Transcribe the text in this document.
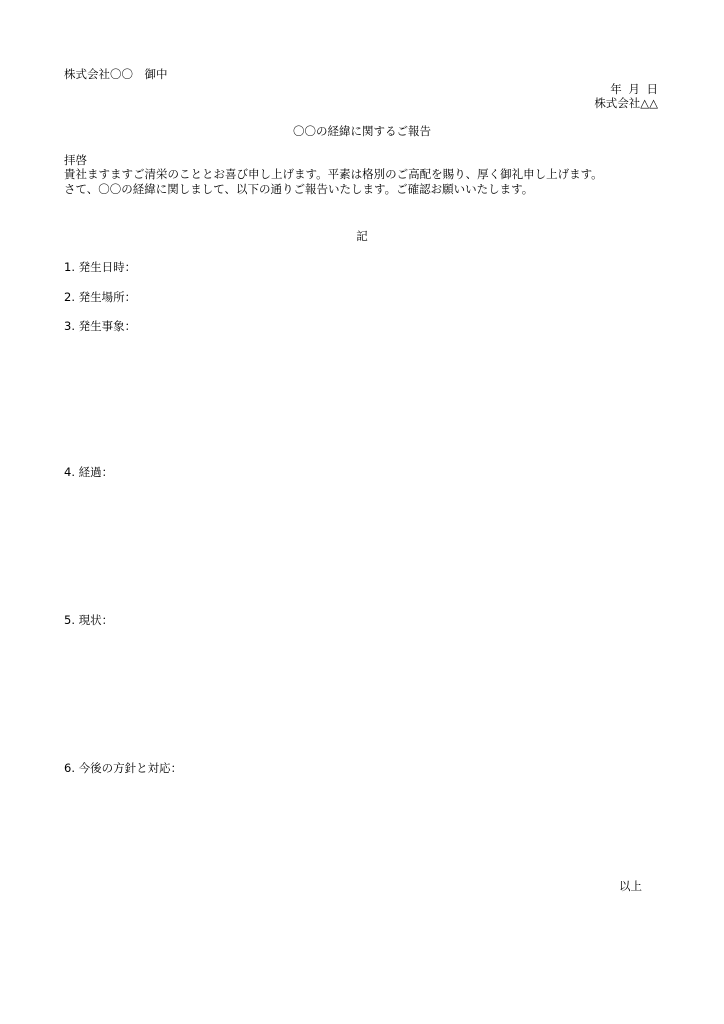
株式会社〇〇　御中
年 月 日
株式会社△△
〇〇の経緯に関するご報告
拝啓
貴社ますますご清栄のこととお喜び申し上げます。平素は格別のご高配を賜り、厚く御礼申し上げます。
さて、〇〇の経緯に関しまして、以下の通りご報告いたします。ご確認お願いいたします。
記
1. 発生日時：
2. 発生場所：
3. 発生事象：
4. 経過：
5. 現状：
6. 今後の方針と対応：
以上
